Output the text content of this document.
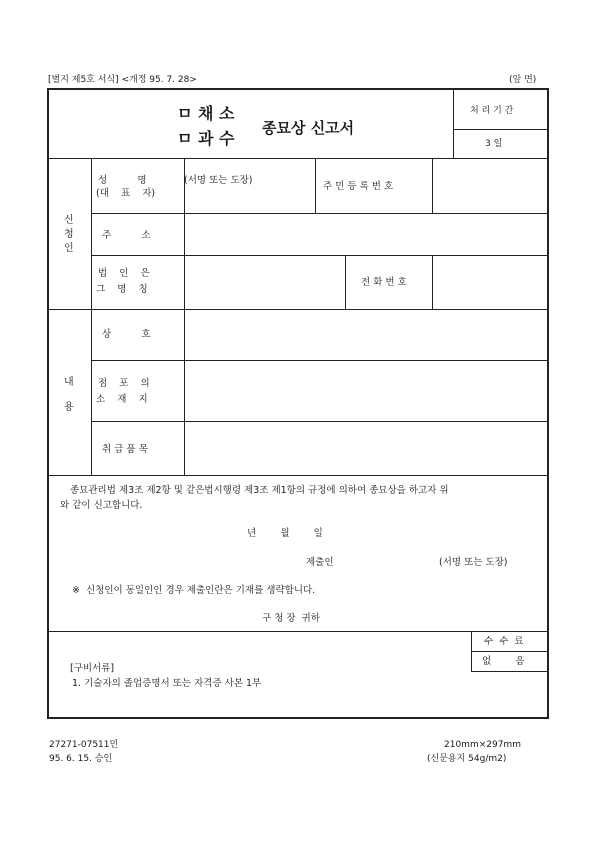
[별지 제5호 서식] <개정 95. 7. 28>	(앞 면)
ㅁ 채 소
ㅁ 과 수
종묘상 신고서
처 리 기 간
3 일
신
청
인
성          명
(대    표    자)
(서명 또는 도장)
주 민 등 록 번 호
주          소
법    인    은
그    명    칭
전 화 번 호
내
용
상          호
점    포    의
소    재    지
취 급 품 목
종묘관리법 제3조 제2항 및 같은법시행령 제3조 제1항의 규정에 의하여 종묘상을 하고자 위
와 같이 신고합니다.
년        월        일
제출인	(서명 또는 도장)
※  신청인이 동일인인 경우 제출인란은 기재를 생략합니다.
구 청 장  귀하
[구비서류]
1. 기술자의 졸업증명서 또는 자격증 사본 1부
수  수  료
없        음
27271-07511민
95. 6. 15. 승인
210mm×297mm
(신문용지 54g/m2)
